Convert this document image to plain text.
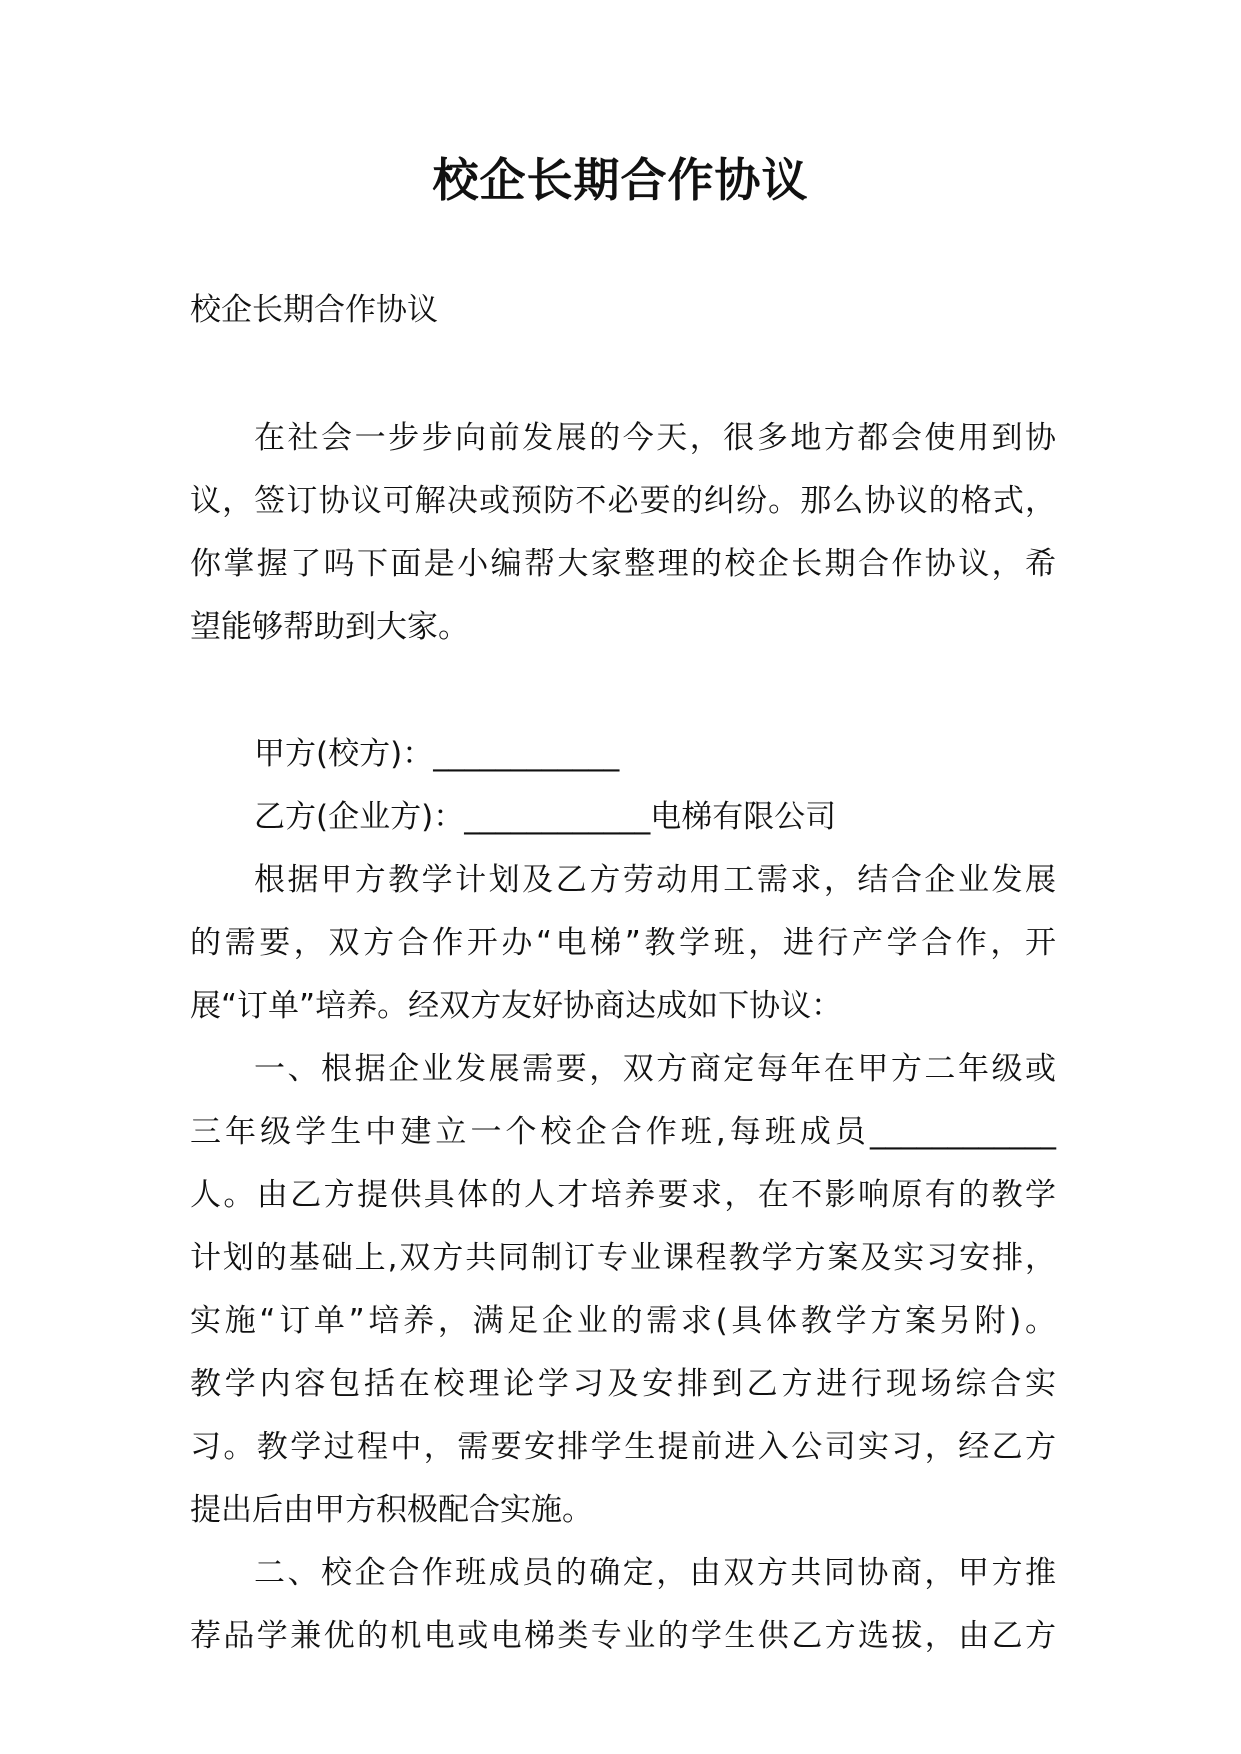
校企长期合作协议

校企长期合作协议

在社会一步步向前发展的今天，很多地方都会使用到协
议，签订协议可解决或预防不必要的纠纷。那么协议的格式，
你掌握了吗下面是小编帮大家整理的校企长期合作协议，希
望能够帮助到大家。
甲方(校方)：____________
乙方(企业方)：____________电梯有限公司
根据甲方教学计划及乙方劳动用工需求，结合企业发展
的需要，双方合作开办“电梯”教学班，进行产学合作，开
展“订单”培养。经双方友好协商达成如下协议：
一、根据企业发展需要，双方商定每年在甲方二年级或
三年级学生中建立一个校企合作班,每班成员____________
人。由乙方提供具体的人才培养要求，在不影响原有的教学
计划的基础上,双方共同制订专业课程教学方案及实习安排，
实施“订单”培养，满足企业的需求(具体教学方案另附)。
教学内容包括在校理论学习及安排到乙方进行现场综合实
习。教学过程中，需要安排学生提前进入公司实习，经乙方
提出后由甲方积极配合实施。
二、校企合作班成员的确定，由双方共同协商，甲方推
荐品学兼优的机电或电梯类专业的学生供乙方选拔，由乙方
